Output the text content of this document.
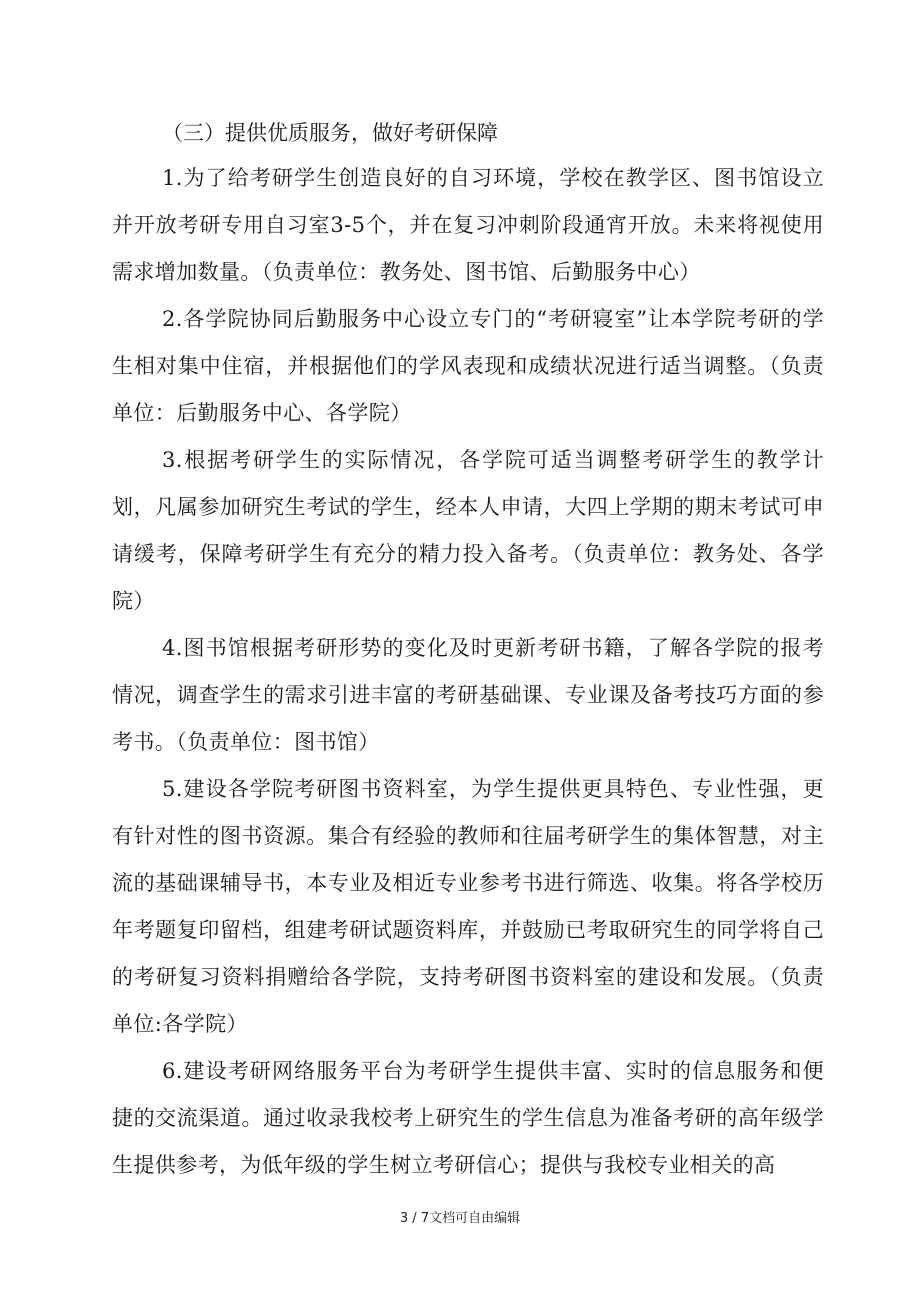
（三）提供优质服务，做好考研保障

1.为了给考研学生创造良好的自习环境，学校在教学区、图书馆设立并开放考研专用自习室3-5个，并在复习冲刺阶段通宵开放。未来将视使用需求增加数量。（负责单位：教务处、图书馆、后勤服务中心）

2.各学院协同后勤服务中心设立专门的“考研寝室”让本学院考研的学生相对集中住宿，并根据他们的学风表现和成绩状况进行适当调整。（负责单位：后勤服务中心、各学院）

3.根据考研学生的实际情况，各学院可适当调整考研学生的教学计划，凡属参加研究生考试的学生，经本人申请，大四上学期的期末考试可申请缓考，保障考研学生有充分的精力投入备考。（负责单位：教务处、各学院）

4.图书馆根据考研形势的变化及时更新考研书籍，了解各学院的报考情况，调查学生的需求引进丰富的考研基础课、专业课及备考技巧方面的参考书。（负责单位：图书馆）

5.建设各学院考研图书资料室，为学生提供更具特色、专业性强，更有针对性的图书资源。集合有经验的教师和往届考研学生的集体智慧，对主流的基础课辅导书，本专业及相近专业参考书进行筛选、收集。将各学校历年考题复印留档，组建考研试题资料库，并鼓励已考取研究生的同学将自己的考研复习资料捐赠给各学院，支持考研图书资料室的建设和发展。（负责单位:各学院）

6.建设考研网络服务平台为考研学生提供丰富、实时的信息服务和便捷的交流渠道。通过收录我校考上研究生的学生信息为准备考研的高年级学生提供参考，为低年级的学生树立考研信心；提供与我校专业相关的高

3 / 7文档可自由编辑
